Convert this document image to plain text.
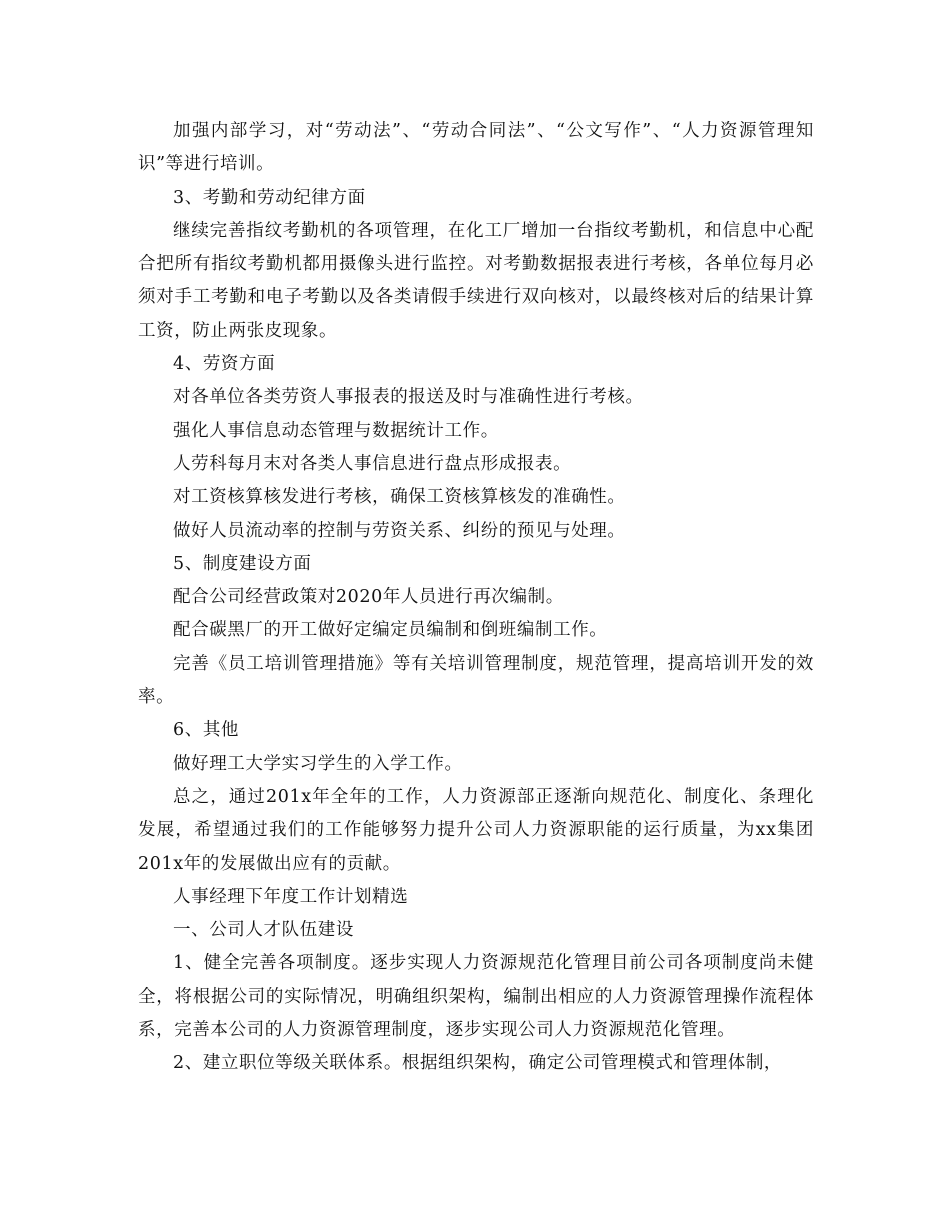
加强内部学习，对“劳动法”、“劳动合同法”、“公文写作”、“人力资源管理知识”等进行培训。

3、考勤和劳动纪律方面

继续完善指纹考勤机的各项管理，在化工厂增加一台指纹考勤机，和信息中心配合把所有指纹考勤机都用摄像头进行监控。对考勤数据报表进行考核，各单位每月必须对手工考勤和电子考勤以及各类请假手续进行双向核对，以最终核对后的结果计算工资，防止两张皮现象。

4、劳资方面

对各单位各类劳资人事报表的报送及时与准确性进行考核。

强化人事信息动态管理与数据统计工作。

人劳科每月末对各类人事信息进行盘点形成报表。

对工资核算核发进行考核，确保工资核算核发的准确性。

做好人员流动率的控制与劳资关系、纠纷的预见与处理。

5、制度建设方面

配合公司经营政策对2020年人员进行再次编制。

配合碳黑厂的开工做好定编定员编制和倒班编制工作。

完善《员工培训管理措施》等有关培训管理制度，规范管理，提高培训开发的效率。

6、其他

做好理工大学实习学生的入学工作。

总之，通过201x年全年的工作，人力资源部正逐渐向规范化、制度化、条理化发展，希望通过我们的工作能够努力提升公司人力资源职能的运行质量，为xx集团201x年的发展做出应有的贡献。

人事经理下年度工作计划精选

一、公司人才队伍建设

1、健全完善各项制度。逐步实现人力资源规范化管理目前公司各项制度尚未健全，将根据公司的实际情况，明确组织架构，编制出相应的人力资源管理操作流程体系，完善本公司的人力资源管理制度，逐步实现公司人力资源规范化管理。

2、建立职位等级关联体系。根据组织架构，确定公司管理模式和管理体制，
